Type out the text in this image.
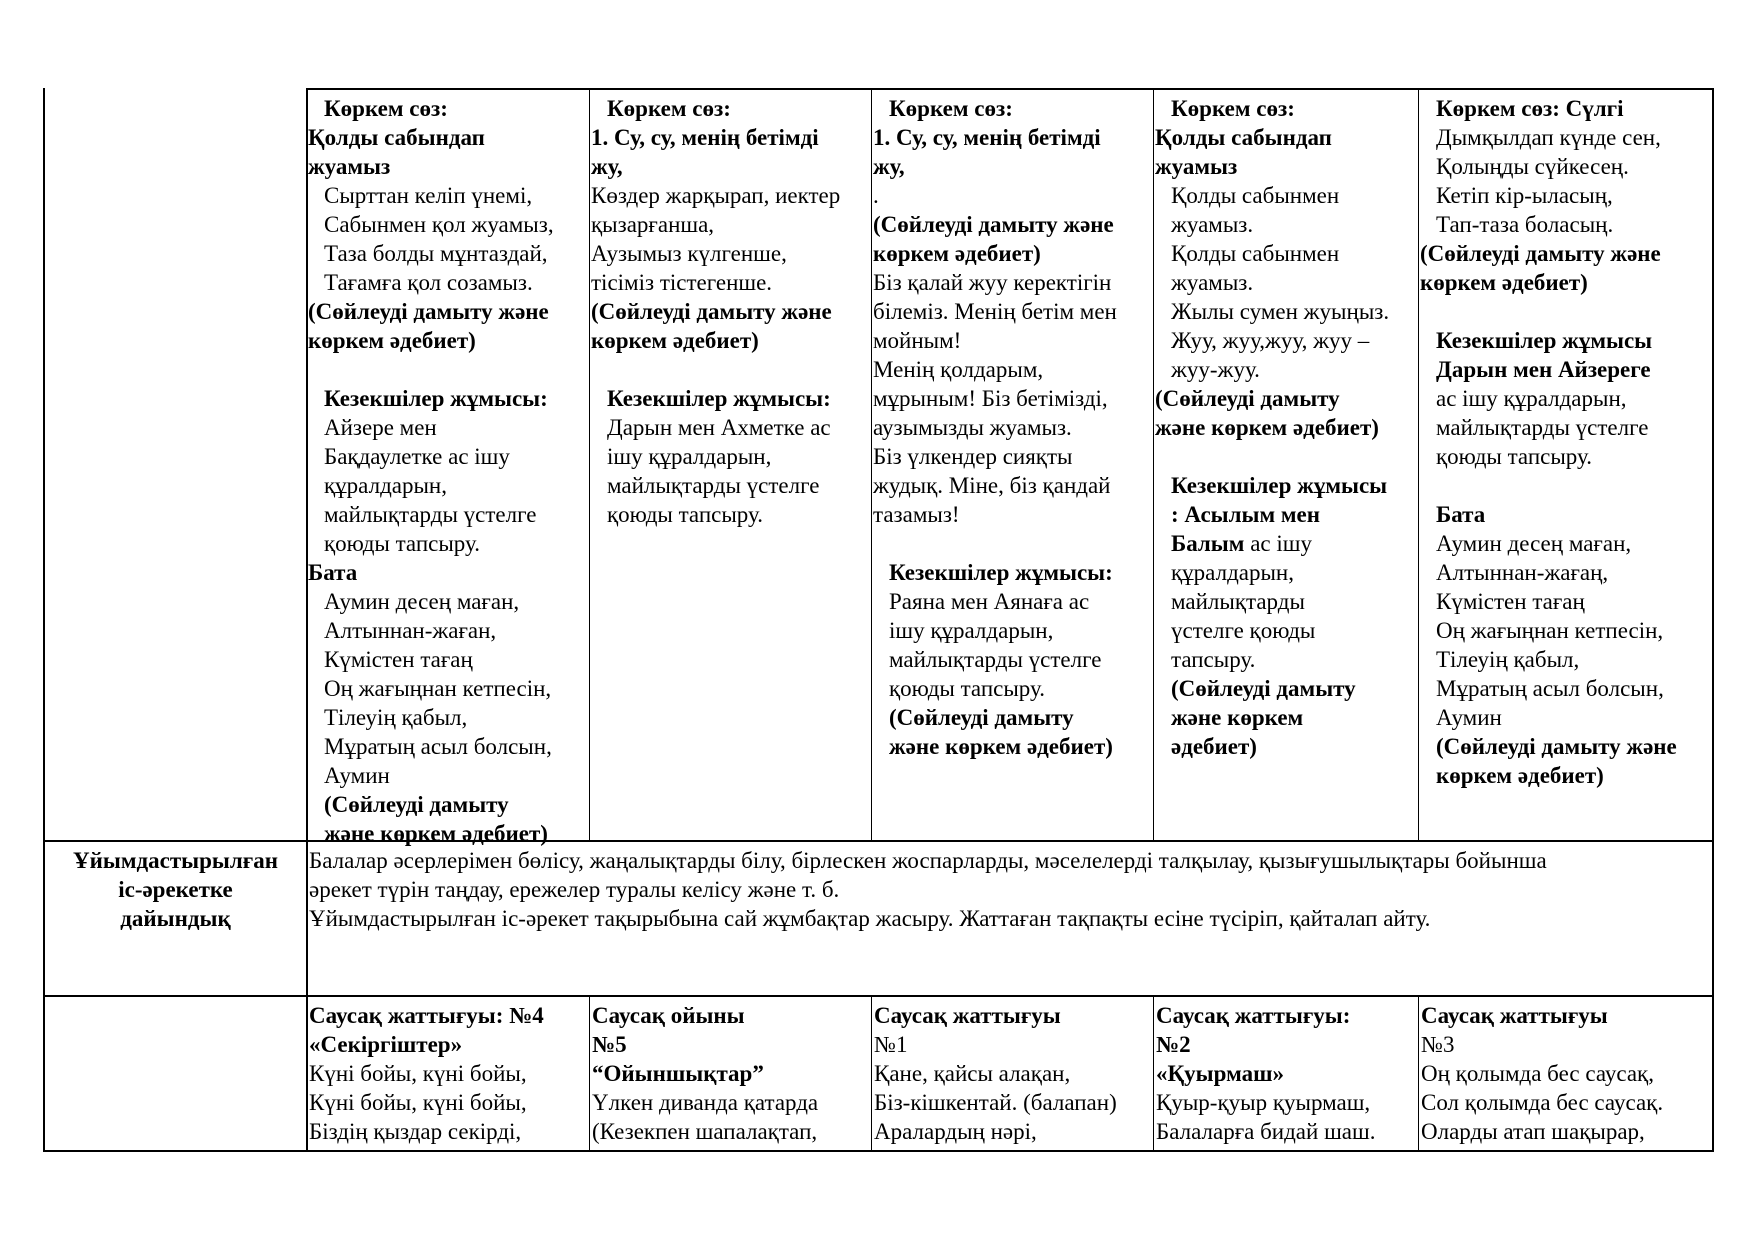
Көркем сөз:
Қолды сабындап
жуамыз
Сырттан келіп үнемі,
Сабынмен қол жуамыз,
Таза болды мұнтаздай,
Тағамға қол созамыз.
(Сөйлеуді дамыту және
көркем әдебиет)
Кезекшілер жұмысы:
Айзере мен
Бақдаулетке ас ішу
құралдарын,
майлықтарды үстелге
қоюды тапсыру.
Бата
Аумин десең маған,
Алтыннан-жаған,
Күмістен тағаң
Оң жағыңнан кетпесін,
Тілеуің қабыл,
Мұратың асыл болсын,
Аумин
(Сөйлеуді дамыту
және көркем әдебиет)
Көркем сөз:
1. Су, су, менің бетімді
жу,
Көздер жарқырап, иектер
қызарғанша,
Аузымыз күлгенше,
тісіміз тістегенше.
(Сөйлеуді дамыту және
көркем әдебиет)
Кезекшілер жұмысы:
Дарын мен Ахметке ас
ішу құралдарын,
майлықтарды үстелге
қоюды тапсыру.
Көркем сөз:
1. Су, су, менің бетімді
жу,
.
(Сөйлеуді дамыту және
көркем әдебиет)
Біз қалай жуу керектігін
білеміз. Менің бетім мен
мойным!
Менің қолдарым,
мұрыным! Біз бетімізді,
аузымызды жуамыз.
Біз үлкендер сияқты
жудық. Міне, біз қандай
тазамыз!
Кезекшілер жұмысы:
Раяна мен Аянаға ас
ішу құралдарын,
майлықтарды үстелге
қоюды тапсыру.
(Сөйлеуді дамыту
және көркем әдебиет)
Көркем сөз:
Қолды сабындап
жуамыз
Қолды сабынмен
жуамыз.
Қолды сабынмен
жуамыз.
Жылы сумен жуыңыз.
Жуу, жуу,жуу, жуу –
жуу-жуу.
(Сөйлеуді дамыту
және көркем әдебиет)
Кезекшілер жұмысы
: Асылым мен
Балым ас ішу
құралдарын,
майлықтарды
үстелге қоюды
тапсыру.
(Сөйлеуді дамыту
және көркем
әдебиет)
Көркем сөз: Сүлгі
Дымқылдап күнде сен,
Қолыңды сүйкесең.
Кетіп кір-ыласың,
Тап-таза боласың.
(Сөйлеуді дамыту және
көркем әдебиет)
Кезекшілер жұмысы
Дарын мен Айзереге
ас ішу құралдарын,
майлықтарды үстелге
қоюды тапсыру.
Бата
Аумин десең маған,
Алтыннан-жағаң,
Күмістен тағаң
Оң жағыңнан кетпесін,
Тілеуің қабыл,
Мұратың асыл болсын,
Аумин
(Сөйлеуді дамыту және
көркем әдебиет)
Ұйымдастырылған
іс-әрекетке
дайындық
Балалар әсерлерімен бөлісу, жаңалықтарды білу, бірлескен жоспарларды, мәселелерді талқылау, қызығушылықтары бойынша
әрекет түрін таңдау, ережелер туралы келісу және т. б.
Ұйымдастырылған іс-әрекет тақырыбына сай жұмбақтар жасыру. Жаттаған тақпақты есіне түсіріп, қайталап айту.
Саусақ жаттығуы: №4
«Секіргіштер»
Күні бойы, күні бойы,
Күні бойы, күні бойы,
Біздің қыздар секірді,
Саусақ ойыны
№5
“Ойыншықтар”
Үлкен диванда қатарда
(Кезекпен шапалақтап,
Саусақ жаттығуы
№1
Қане, қайсы алақан,
Біз-кішкентай. (балапан)
Аралардың нәрі,
Саусақ жаттығуы:
№2
«Қуырмаш»
Қуыр-қуыр қуырмаш,
Балаларға бидай шаш.
Саусақ жаттығуы
№3
Оң қолымда бес саусақ,
Сол қолымда бес саусақ.
Оларды атап шақырар,
